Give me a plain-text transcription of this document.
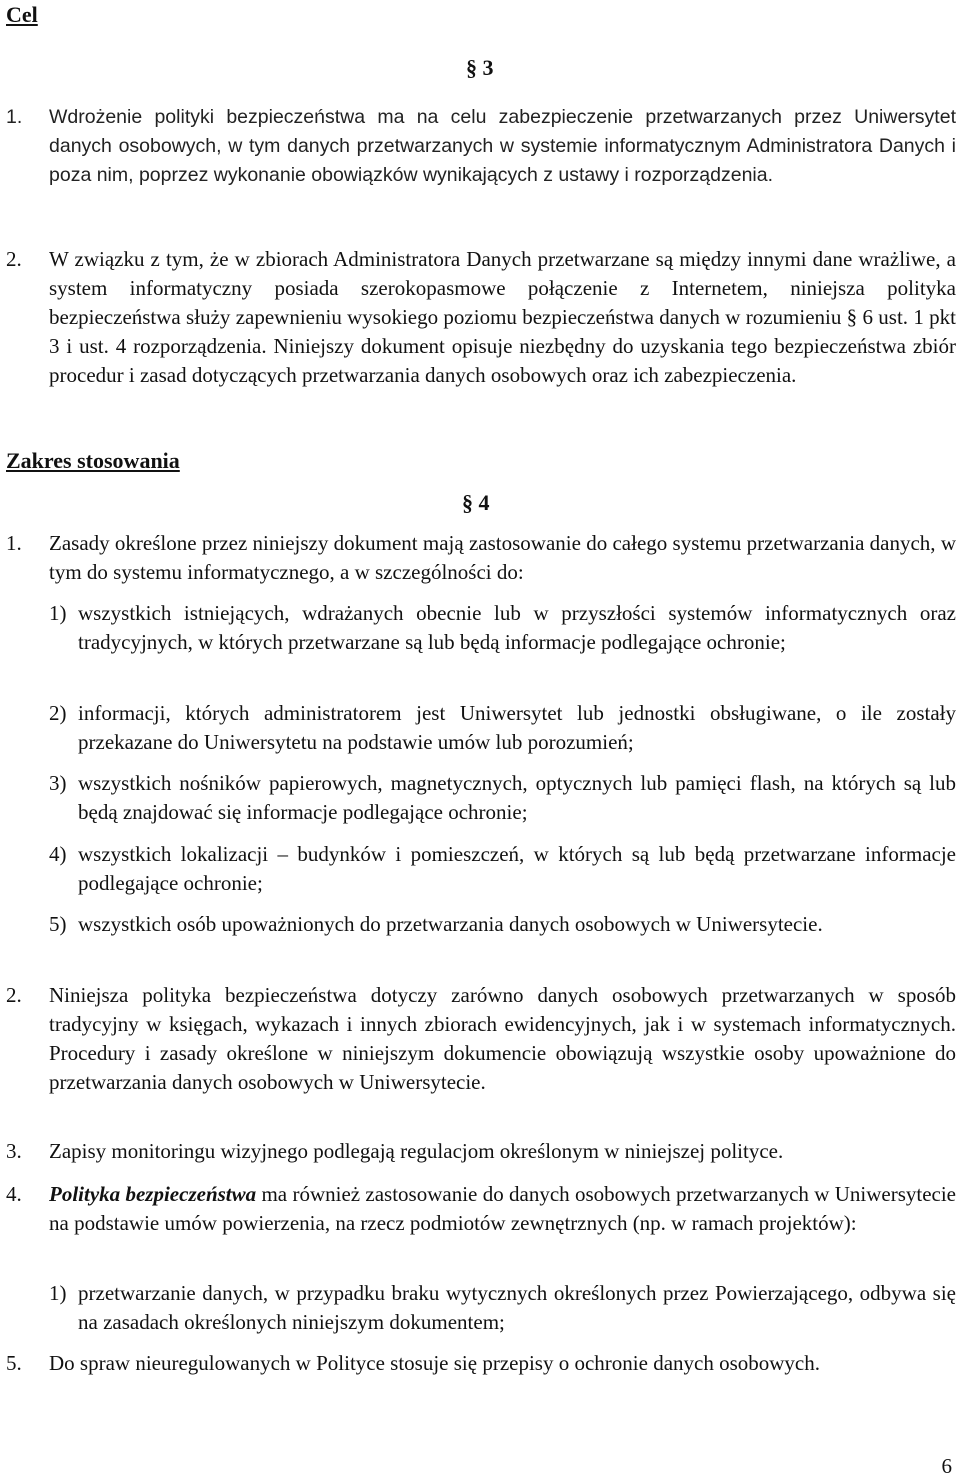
Cel
§ 3
1. Wdrożenie polityki bezpieczeństwa ma na celu zabezpieczenie przetwarzanych przez Uniwersytet danych osobowych, w tym danych przetwarzanych w systemie informatycznym Administratora Danych i poza nim, poprzez wykonanie obowiązków wynikających z ustawy i rozporządzenia.
2. W związku z tym, że w zbiorach Administratora Danych przetwarzane są między innymi dane wrażliwe, a system informatyczny posiada szerokopasmowe połączenie z Internetem, niniejsza polityka bezpieczeństwa służy zapewnieniu wysokiego poziomu bezpieczeństwa danych w rozumieniu § 6 ust. 1 pkt 3 i ust. 4 rozporządzenia. Niniejszy dokument opisuje niezbędny do uzyskania tego bezpieczeństwa zbiór procedur i zasad dotyczących przetwarzania danych osobowych oraz ich zabezpieczenia.
Zakres stosowania
§ 4
1. Zasady określone przez niniejszy dokument mają zastosowanie do całego systemu przetwarzania danych, w tym do systemu informatycznego, a w szczególności do:
1) wszystkich istniejących, wdrażanych obecnie lub w przyszłości systemów informatycznych oraz tradycyjnych, w których przetwarzane są lub będą informacje podlegające ochronie;
2) informacji, których administratorem jest Uniwersytet lub jednostki obsługiwane, o ile zostały przekazane do Uniwersytetu na podstawie umów lub porozumień;
3) wszystkich nośników papierowych, magnetycznych, optycznych lub pamięci flash, na których są lub będą znajdować się informacje podlegające ochronie;
4) wszystkich lokalizacji – budynków i pomieszczeń, w których są lub będą przetwarzane informacje podlegające ochronie;
5) wszystkich osób upoważnionych do przetwarzania danych osobowych w Uniwersytecie.
2. Niniejsza polityka bezpieczeństwa dotyczy zarówno danych osobowych przetwarzanych w sposób tradycyjny w księgach, wykazach i innych zbiorach ewidencyjnych, jak i w systemach informatycznych. Procedury i zasady określone w niniejszym dokumencie obowiązują wszystkie osoby upoważnione do przetwarzania danych osobowych w Uniwersytecie.
3. Zapisy monitoringu wizyjnego podlegają regulacjom określonym w niniejszej polityce.
4. Polityka bezpieczeństwa ma również zastosowanie do danych osobowych przetwarzanych w Uniwersytecie na podstawie umów powierzenia, na rzecz podmiotów zewnętrznych (np. w ramach projektów):
1) przetwarzanie danych, w przypadku braku wytycznych określonych przez Powierzającego, odbywa się na zasadach określonych niniejszym dokumentem;
5. Do spraw nieuregulowanych w Polityce stosuje się przepisy o ochronie danych osobowych.
6
